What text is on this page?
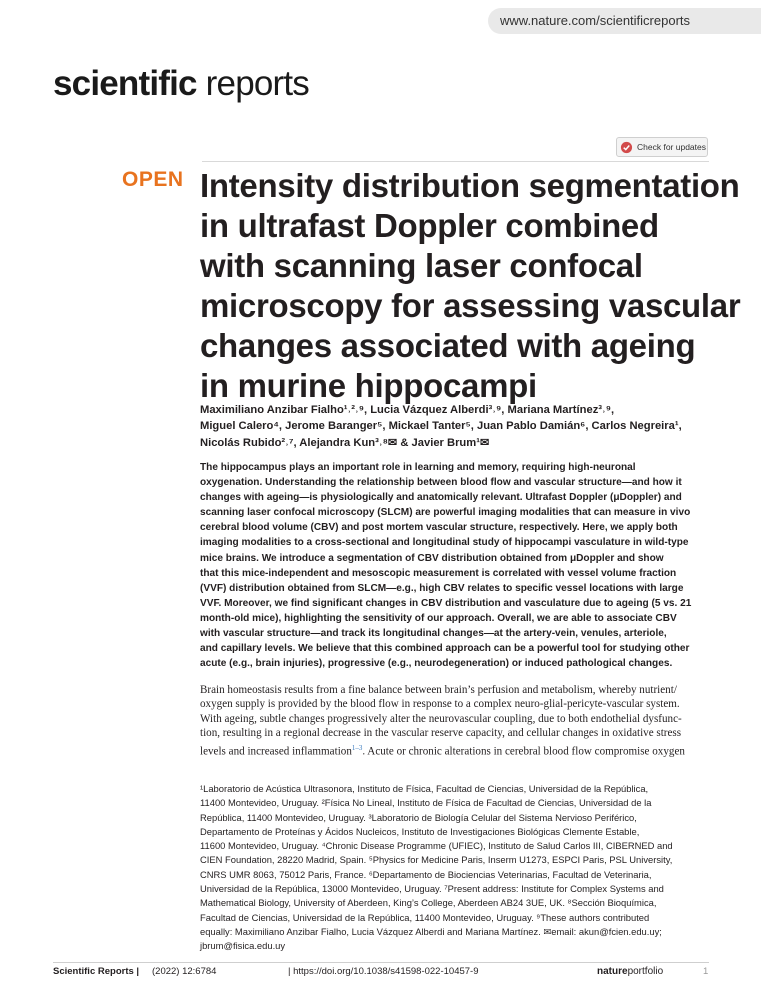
www.nature.com/scientificreports
scientific reports
Check for updates
OPEN Intensity distribution segmentation
in ultrafast Doppler combined
with scanning laser confocal
microscopy for assessing vascular
changes associated with ageing
in murine hippocampi
Maximiliano Anzibar Fialho¹˒²˒⁹, Lucia Vázquez Alberdi³˒⁹, Mariana Martínez³˒⁹,
Miguel Calero⁴, Jerome Baranger⁵, Mickael Tanter⁵, Juan Pablo Damián⁶, Carlos Negreira¹,
Nicolás Rubido²˒⁷, Alejandra Kun³˒⁸✉ & Javier Brum¹✉
The hippocampus plays an important role in learning and memory, requiring high-neuronal
oxygenation. Understanding the relationship between blood flow and vascular structure—and how it
changes with ageing—is physiologically and anatomically relevant. Ultrafast Doppler (μDoppler) and
scanning laser confocal microscopy (SLCM) are powerful imaging modalities that can measure in vivo
cerebral blood volume (CBV) and post mortem vascular structure, respectively. Here, we apply both
imaging modalities to a cross-sectional and longitudinal study of hippocampi vasculature in wild-type
mice brains. We introduce a segmentation of CBV distribution obtained from μDoppler and show
that this mice-independent and mesoscopic measurement is correlated with vessel volume fraction
(VVF) distribution obtained from SLCM—e.g., high CBV relates to specific vessel locations with large
VVF. Moreover, we find significant changes in CBV distribution and vasculature due to ageing (5 vs. 21
month-old mice), highlighting the sensitivity of our approach. Overall, we are able to associate CBV
with vascular structure—and track its longitudinal changes—at the artery-vein, venules, arteriole,
and capillary levels. We believe that this combined approach can be a powerful tool for studying other
acute (e.g., brain injuries), progressive (e.g., neurodegeneration) or induced pathological changes.
Brain homeostasis results from a fine balance between brain’s perfusion and metabolism, whereby nutrient/
oxygen supply is provided by the blood flow in response to a complex neuro-glial-pericyte-vascular system.
With ageing, subtle changes progressively alter the neurovascular coupling, due to both endothelial dysfunc-
tion, resulting in a regional decrease in the vascular reserve capacity, and cellular changes in oxidative stress
levels and increased inflammation$^{1-3}$. Acute or chronic alterations in cerebral blood flow compromise oxygen
¹Laboratorio de Acústica Ultrasonora, Instituto de Física, Facultad de Ciencias, Universidad de la República,
11400 Montevideo, Uruguay. ²Física No Lineal, Instituto de Física de Facultad de Ciencias, Universidad de la
República, 11400 Montevideo, Uruguay. ³Laboratorio de Biología Celular del Sistema Nervioso Periférico,
Departamento de Proteínas y Ácidos Nucleicos, Instituto de Investigaciones Biológicas Clemente Estable,
11600 Montevideo, Uruguay. ⁴Chronic Disease Programme (UFIEC), Instituto de Salud Carlos III, CIBERNED and
CIEN Foundation, 28220 Madrid, Spain. ⁵Physics for Medicine Paris, Inserm U1273, ESPCI Paris, PSL University,
CNRS UMR 8063, 75012 Paris, France. ⁶Departamento de Biociencias Veterinarias, Facultad de Veterinaria,
Universidad de la República, 13000 Montevideo, Uruguay. ⁷Present address: Institute for Complex Systems and
Mathematical Biology, University of Aberdeen, King’s College, Aberdeen AB24 3UE, UK. ⁸Sección Bioquímica,
Facultad de Ciencias, Universidad de la República, 11400 Montevideo, Uruguay. ⁹These authors contributed
equally: Maximiliano Anzibar Fialho, Lucia Vázquez Alberdi and Mariana Martínez. ✉email: akun@fcien.edu.uy;
jbrum@fisica.edu.uy
Scientific Reports | (2022) 12:6784	| https://doi.org/10.1038/s41598-022-10457-9	natureportfolio	1
